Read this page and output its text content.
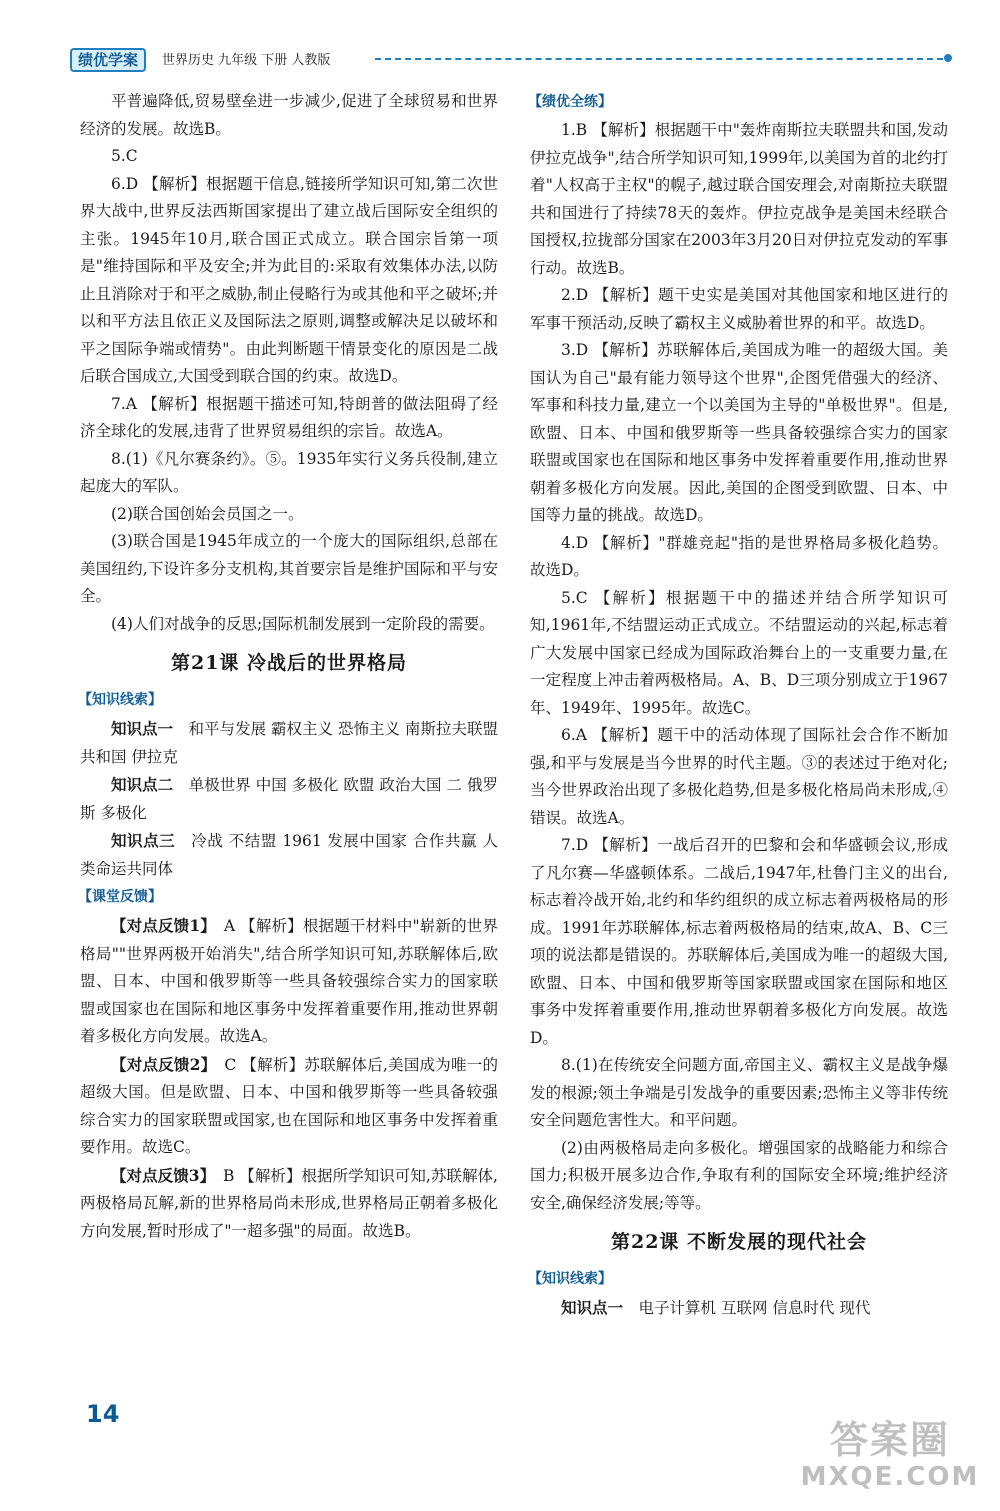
绩优学案	世界历史 九年级 下册 人教版

平普遍降低,贸易壁垒进一步减少,促进了全球贸易和世界经济的发展。故选B。

5.C

6.D 【解析】根据题干信息,链接所学知识可知,第二次世界大战中,世界反法西斯国家提出了建立战后国际安全组织的主张。1945年10月,联合国正式成立。联合国宗旨第一项是"维持国际和平及安全;并为此目的:采取有效集体办法,以防止且消除对于和平之威胁,制止侵略行为或其他和平之破坏;并以和平方法且依正义及国际法之原则,调整或解决足以破坏和平之国际争端或情势"。由此判断题干情景变化的原因是二战后联合国成立,大国受到联合国的约束。故选D。

7.A 【解析】根据题干描述可知,特朗普的做法阻碍了经济全球化的发展,违背了世界贸易组织的宗旨。故选A。

8.(1)《凡尔赛条约》。⑤。1935年实行义务兵役制,建立起庞大的军队。

(2)联合国创始会员国之一。

(3)联合国是1945年成立的一个庞大的国际组织,总部在美国纽约,下设许多分支机构,其首要宗旨是维护国际和平与安全。

(4)人们对战争的反思;国际机制发展到一定阶段的需要。

第21课 冷战后的世界格局
【知识线索】

知识点一　 和平与发展 霸权主义 恐怖主义 南斯拉夫联盟共和国 伊拉克

知识点二　 单极世界 中国 多极化 欧盟 政治大国 二 俄罗斯 多极化

知识点三　 冷战 不结盟 1961 发展中国家 合作共赢 人类命运共同体

【课堂反馈】

【对点反馈1】　 A 【解析】根据题干材料中"崭新的世界格局""世界两极开始消失",结合所学知识可知,苏联解体后,欧盟、日本、中国和俄罗斯等一些具备较强综合实力的国家联盟或国家也在国际和地区事务中发挥着重要作用,推动世界朝着多极化方向发展。故选A。

【对点反馈2】　 C 【解析】苏联解体后,美国成为唯一的超级大国。但是欧盟、日本、中国和俄罗斯等一些具备较强综合实力的国家联盟或国家,也在国际和地区事务中发挥着重要作用。故选C。

【对点反馈3】　 B 【解析】根据所学知识可知,苏联解体,两极格局瓦解,新的世界格局尚未形成,世界格局正朝着多极化方向发展,暂时形成了"一超多强"的局面。故选B。

【绩优全练】

1.B 【解析】根据题干中"轰炸南斯拉夫联盟共和国,发动伊拉克战争",结合所学知识可知,1999年,以美国为首的北约打着"人权高于主权"的幌子,越过联合国安理会,对南斯拉夫联盟共和国进行了持续78天的轰炸。伊拉克战争是美国未经联合国授权,拉拢部分国家在2003年3月20日对伊拉克发动的军事行动。故选B。

2.D 【解析】题干史实是美国对其他国家和地区进行的军事干预活动,反映了霸权主义威胁着世界的和平。故选D。

3.D 【解析】苏联解体后,美国成为唯一的超级大国。美国认为自己"最有能力领导这个世界",企图凭借强大的经济、军事和科技力量,建立一个以美国为主导的"单极世界"。但是,欧盟、日本、中国和俄罗斯等一些具备较强综合实力的国家联盟或国家也在国际和地区事务中发挥着重要作用,推动世界朝着多极化方向发展。因此,美国的企图受到欧盟、日本、中国等力量的挑战。故选D。

4.D 【解析】"群雄竞起"指的是世界格局多极化趋势。故选D。

5.C 【解析】根据题干中的描述并结合所学知识可知,1961年,不结盟运动正式成立。不结盟运动的兴起,标志着广大发展中国家已经成为国际政治舞台上的一支重要力量,在一定程度上冲击着两极格局。A、B、D三项分别成立于1967年、1949年、1995年。故选C。

6.A 【解析】题干中的活动体现了国际社会合作不断加强,和平与发展是当今世界的时代主题。③的表述过于绝对化;当今世界政治出现了多极化趋势,但是多极化格局尚未形成,④错误。故选A。

7.D 【解析】一战后召开的巴黎和会和华盛顿会议,形成了凡尔赛—华盛顿体系。二战后,1947年,杜鲁门主义的出台,标志着冷战开始,北约和华约组织的成立标志着两极格局的形成。1991年苏联解体,标志着两极格局的结束,故A、B、C三项的说法都是错误的。苏联解体后,美国成为唯一的超级大国,欧盟、日本、中国和俄罗斯等国家联盟或国家在国际和地区事务中发挥着重要作用,推动世界朝着多极化方向发展。故选D。

8.(1)在传统安全问题方面,帝国主义、霸权主义是战争爆发的根源;领土争端是引发战争的重要因素;恐怖主义等非传统安全问题危害性大。和平问题。

(2)由两极格局走向多极化。增强国家的战略能力和综合国力;积极开展多边合作,争取有利的国际安全环境;维护经济安全,确保经济发展;等等。

第22课 不断发展的现代社会
【知识线索】

知识点一　 电子计算机 互联网 信息时代 现代

14
答案圈
MXQE.COM
